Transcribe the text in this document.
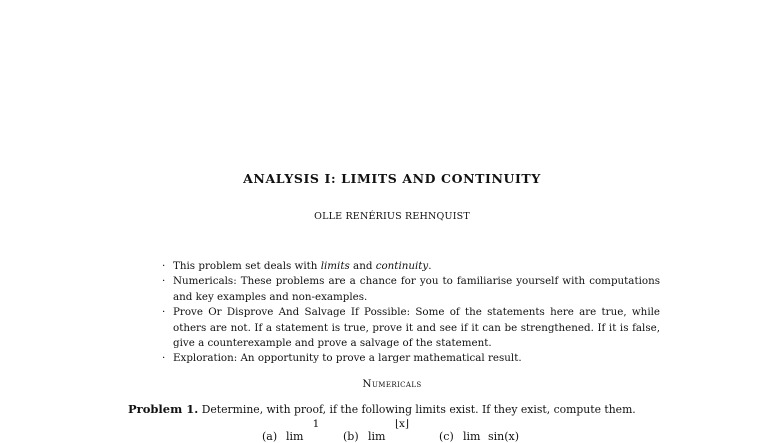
ANALYSIS I: LIMITS AND CONTINUITY
OLLE RENÉRIUS REHNQUIST
· This problem set deals with limits and continuity.
· Numericals: These problems are a chance for you to familiarise yourself with computations and key examples and non-examples.
· Prove Or Disprove And Salvage If Possible: Some of the statements here are true, while others are not. If a statement is true, prove it and see if it can be strengthened. If it is false, give a counterexample and prove a salvage of the statement.
· Exploration: An opportunity to prove a larger mathematical result.
Numericals
Problem 1. Determine, with proof, if the following limits exist. If they exist, compute them.
(a) lim
1
(b) lim
⌊x⌋
(c) lim sin(x)
